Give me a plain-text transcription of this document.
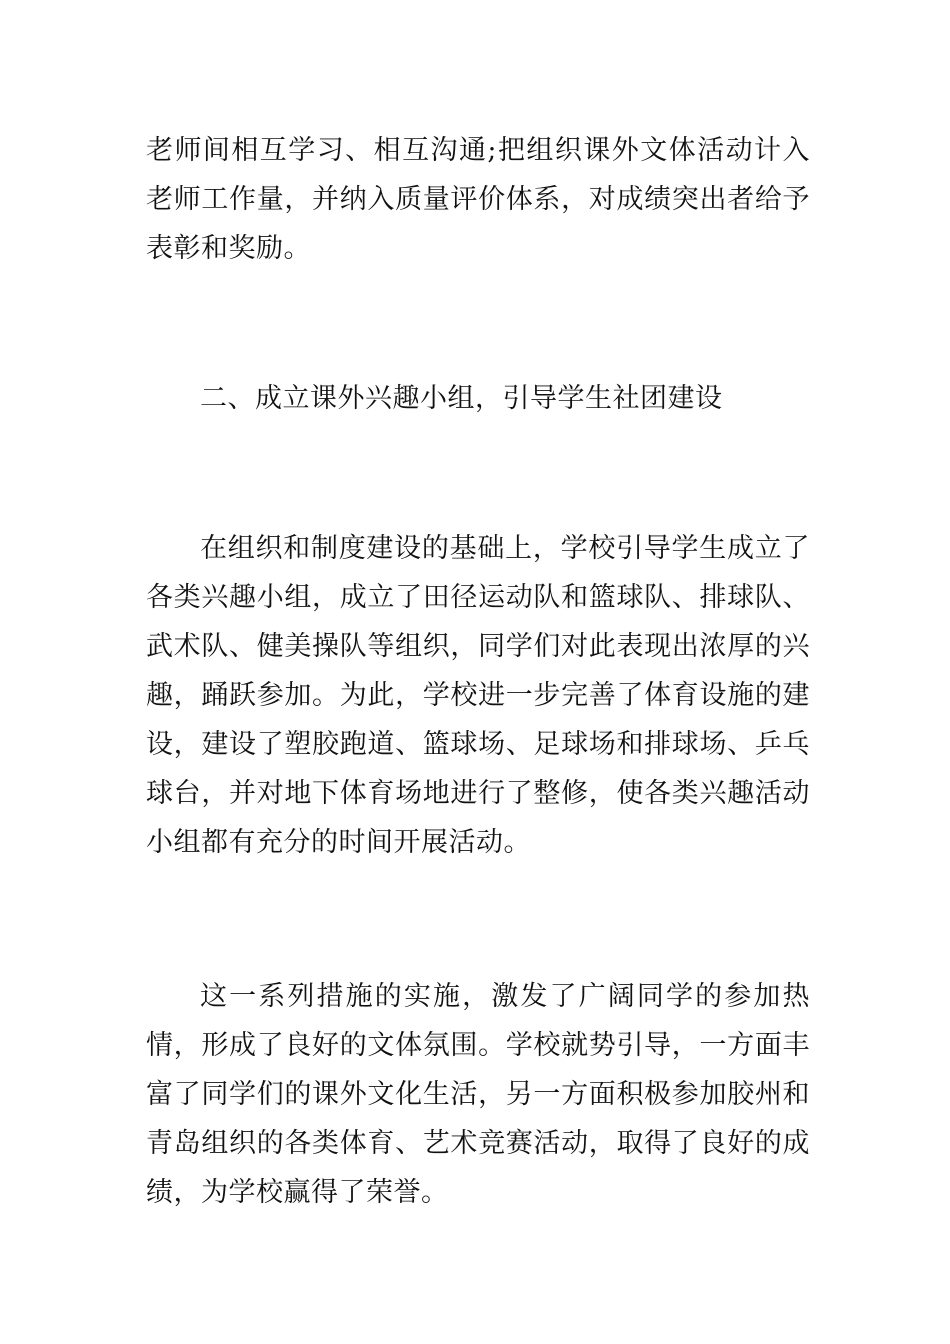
老师间相互学习、相互沟通;把组织课外文体活动计入老师工作量，并纳入质量评价体系，对成绩突出者给予表彰和奖励。

二、成立课外兴趣小组，引导学生社团建设

在组织和制度建设的基础上，学校引导学生成立了各类兴趣小组，成立了田径运动队和篮球队、排球队、武术队、健美操队等组织，同学们对此表现出浓厚的兴趣，踊跃参加。为此，学校进一步完善了体育设施的建设，建设了塑胶跑道、篮球场、足球场和排球场、乒乓球台，并对地下体育场地进行了整修，使各类兴趣活动小组都有充分的时间开展活动。

这一系列措施的实施，激发了广阔同学的参加热情，形成了良好的文体氛围。学校就势引导，一方面丰富了同学们的课外文化生活，另一方面积极参加胶州和青岛组织的各类体育、艺术竞赛活动，取得了良好的成绩，为学校赢得了荣誉。
